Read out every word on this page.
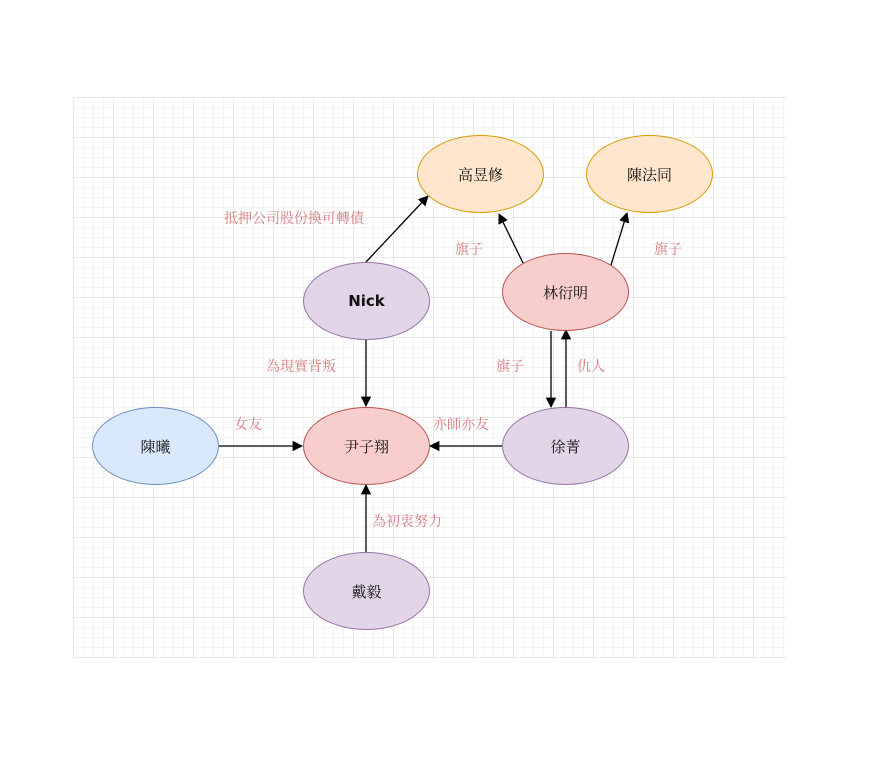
高昱修	陳法同
Nick	林衍明
陳曦	尹子翔	徐菁
戴毅
抵押公司股份換可轉債
旗子	旗子
為現實背叛	旗子	仇人
女友	亦師亦友
為初衷努力
